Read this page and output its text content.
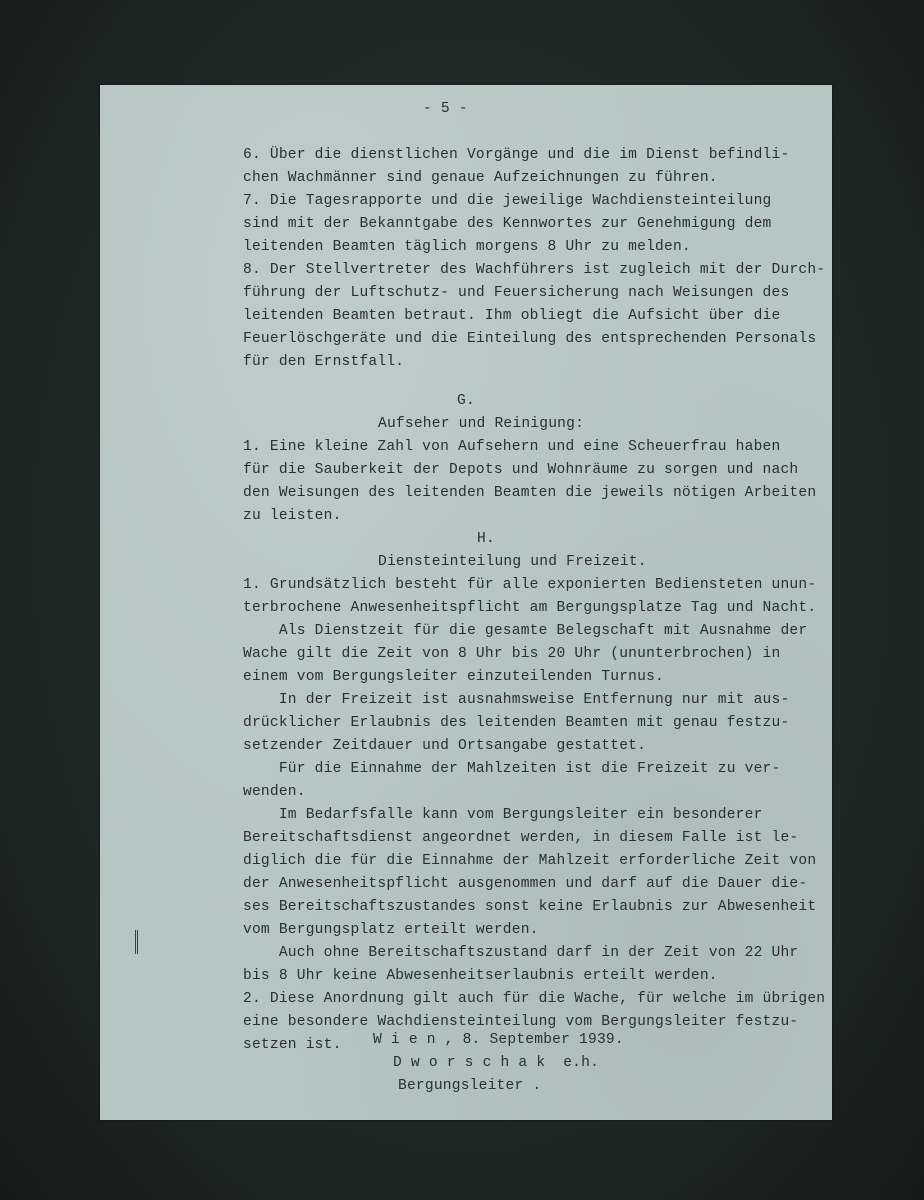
- 5 -
6. Über die dienstlichen Vorgänge und die im Dienst befindli-
chen Wachmänner sind genaue Aufzeichnungen zu führen.
7. Die Tagesrapporte und die jeweilige Wachdiensteinteilung
sind mit der Bekanntgabe des Kennwortes zur Genehmigung dem
leitenden Beamten täglich morgens 8 Uhr zu melden.
8. Der Stellvertreter des Wachführers ist zugleich mit der Durch-
führung der Luftschutz- und Feuersicherung nach Weisungen des
leitenden Beamten betraut. Ihm obliegt die Aufsicht über die
Feuerlöschgeräte und die Einteilung des entsprechenden Personals
für den Ernstfall.
G.
Aufseher und Reinigung:
1. Eine kleine Zahl von Aufsehern und eine Scheuerfrau haben
für die Sauberkeit der Depots und Wohnräume zu sorgen und nach
den Weisungen des leitenden Beamten die jeweils nötigen Arbeiten
zu leisten.
H.
Diensteinteilung und Freizeit.
1. Grundsätzlich besteht für alle exponierten Bediensteten unun-
terbrochene Anwesenheitspflicht am Bergungsplatze Tag und Nacht.
Als Dienstzeit für die gesamte Belegschaft mit Ausnahme der
Wache gilt die Zeit von 8 Uhr bis 20 Uhr (ununterbrochen) in
einem vom Bergungsleiter einzuteilenden Turnus.
In der Freizeit ist ausnahmsweise Entfernung nur mit aus-
drücklicher Erlaubnis des leitenden Beamten mit genau festzu-
setzender Zeitdauer und Ortsangabe gestattet.
Für die Einnahme der Mahlzeiten ist die Freizeit zu ver-
wenden.
Im Bedarfsfalle kann vom Bergungsleiter ein besonderer
Bereitschaftsdienst angeordnet werden, in diesem Falle ist le-
diglich die für die Einnahme der Mahlzeit erforderliche Zeit von
der Anwesenheitspflicht ausgenommen und darf auf die Dauer die-
ses Bereitschaftszustandes sonst keine Erlaubnis zur Abwesenheit
vom Bergungsplatz erteilt werden.
Auch ohne Bereitschaftszustand darf in der Zeit von 22 Uhr
bis 8 Uhr keine Abwesenheitserlaubnis erteilt werden.
2. Diese Anordnung gilt auch für die Wache, für welche im übrigen
eine besondere Wachdiensteinteilung vom Bergungsleiter festzu-
setzen ist. W i e n , 8. September 1939.
D w o r s c h a k  e.h.
Bergungsleiter .
